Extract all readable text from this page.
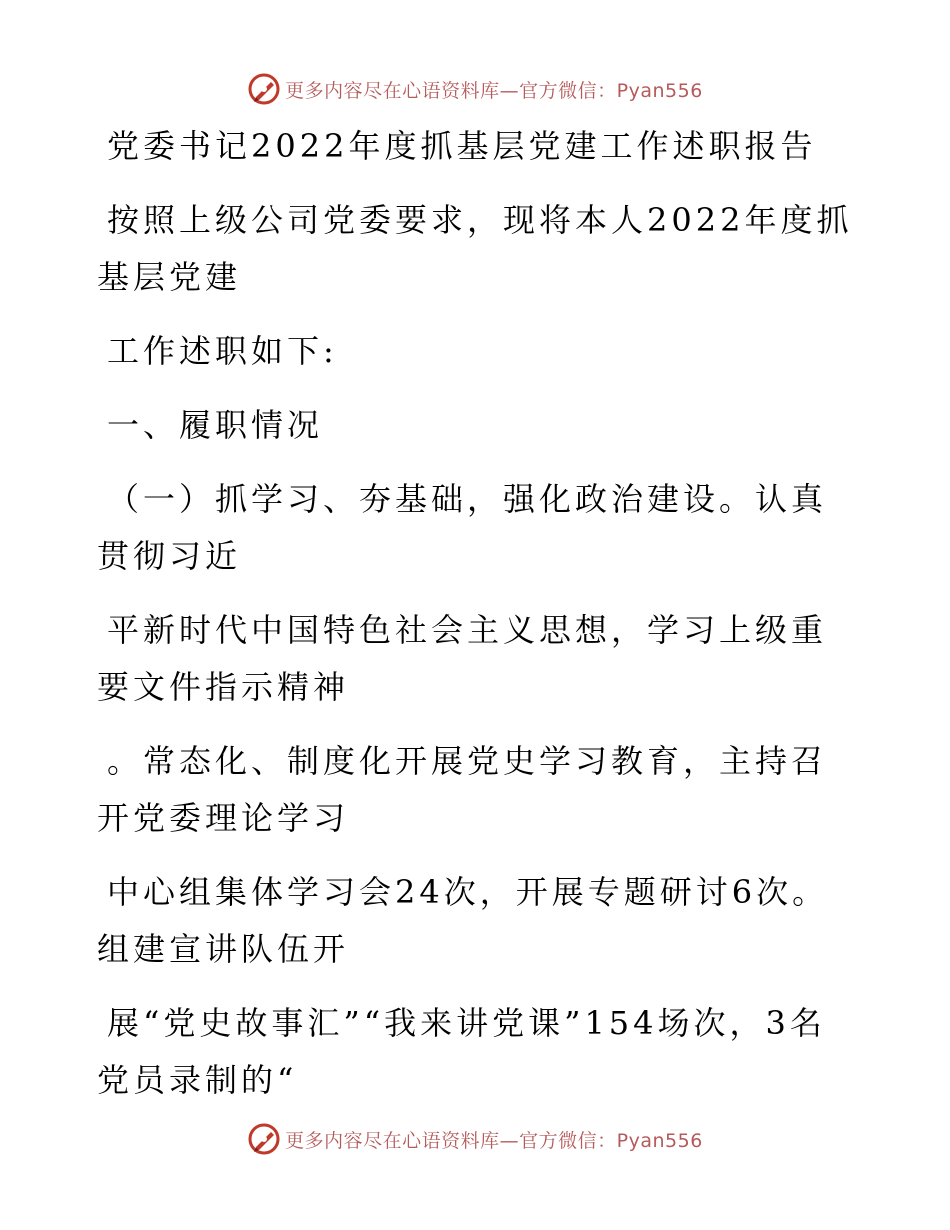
更多内容尽在心语资料库—官方微信：Pyan556

党委书记2022年度抓基层党建工作述职报告

按照上级公司党委要求，现将本人2022年度抓基层党建

工作述职如下:

一、履职情况

（一）抓学习、夯基础，强化政治建设。认真贯彻习近

平新时代中国特色社会主义思想，学习上级重要文件指示精神

。常态化、制度化开展党史学习教育，主持召开党委理论学习

中心组集体学习会24次，开展专题研讨6次。组建宣讲队伍开

展“党史故事汇”“我来讲党课”154场次，3名党员录制的“

更多内容尽在心语资料库—官方微信：Pyan556
